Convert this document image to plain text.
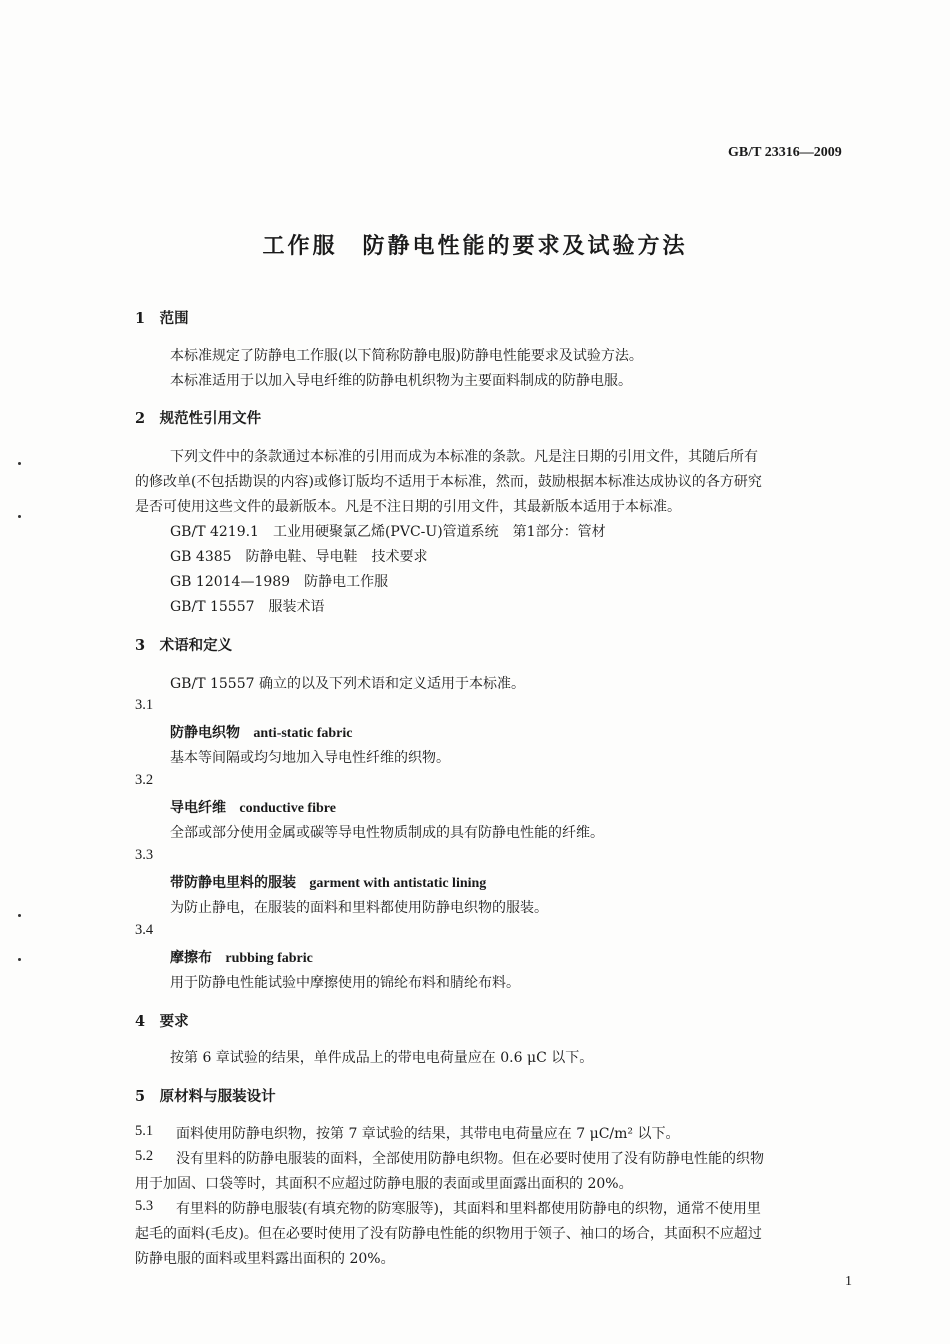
GB/T 23316—2009
工作服　防静电性能的要求及试验方法
1　范围
本标准规定了防静电工作服(以下简称防静电服)防静电性能要求及试验方法。
本标准适用于以加入导电纤维的防静电机织物为主要面料制成的防静电服。
2　规范性引用文件
下列文件中的条款通过本标准的引用而成为本标准的条款。凡是注日期的引用文件，其随后所有
的修改单(不包括勘误的内容)或修订版均不适用于本标准，然而，鼓励根据本标准达成协议的各方研究
是否可使用这些文件的最新版本。凡是不注日期的引用文件，其最新版本适用于本标准。
GB/T 4219.1　工业用硬聚氯乙烯(PVC-U)管道系统　第1部分：管材
GB 4385　防静电鞋、导电鞋　技术要求
GB 12014—1989　防静电工作服
GB/T 15557　服装术语
3　术语和定义
GB/T 15557 确立的以及下列术语和定义适用于本标准。
3.1
防静电织物 anti-static fabric
基本等间隔或均匀地加入导电性纤维的织物。
3.2
导电纤维 conductive fibre
全部或部分使用金属或碳等导电性物质制成的具有防静电性能的纤维。
3.3
带防静电里料的服装 garment with antistatic lining
为防止静电，在服装的面料和里料都使用防静电织物的服装。
3.4
摩擦布 rubbing fabric
用于防静电性能试验中摩擦使用的锦纶布料和腈纶布料。
4　要求
按第 6 章试验的结果，单件成品上的带电电荷量应在 0.6 μC 以下。
5　原材料与服装设计
5.1 面料使用防静电织物，按第 7 章试验的结果，其带电电荷量应在 7 μC/m² 以下。
5.2 没有里料的防静电服装的面料，全部使用防静电织物。但在必要时使用了没有防静电性能的织物
用于加固、口袋等时，其面积不应超过防静电服的表面或里面露出面积的 20%。
5.3 有里料的防静电服装(有填充物的防寒服等)，其面料和里料都使用防静电的织物，通常不使用里
起毛的面料(毛皮)。但在必要时使用了没有防静电性能的织物用于领子、袖口的场合，其面积不应超过
防静电服的面料或里料露出面积的 20%。
1
